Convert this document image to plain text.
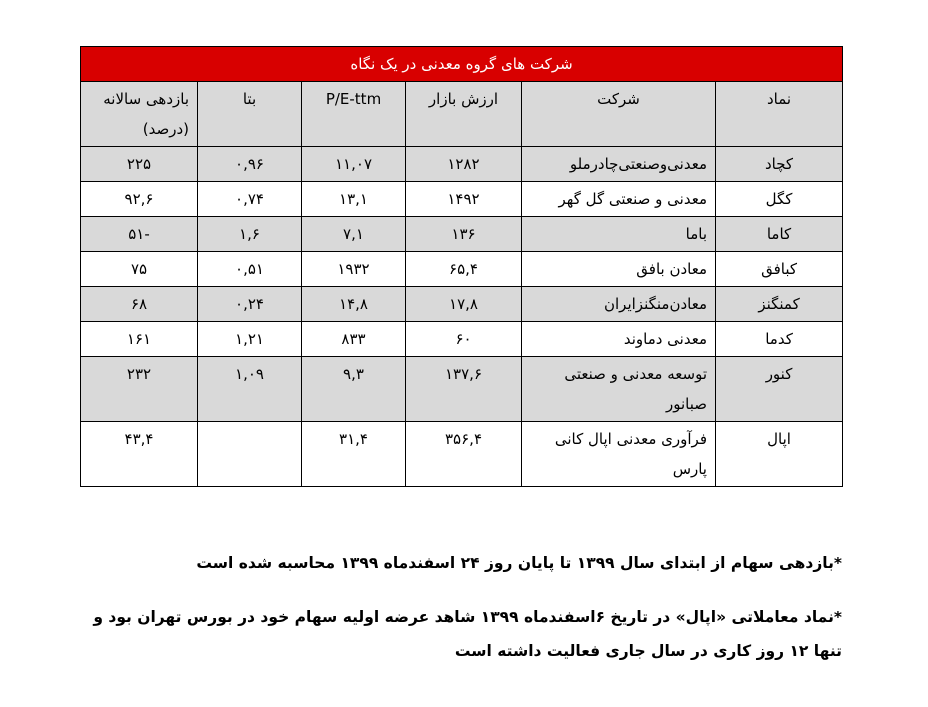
شرکت های گروه معدنی در یک نگاه					
بازدهی سالانه (درصد)	بتا	P/E-ttm	ارزش بازار	شرکت	نماد
۲۲۵	۰,۹۶	۱۱,۰۷	۱۲۸۲	معدنی‌وصنعتی‌چادرملو	کچاد
۹۲,۶	۰,۷۴	۱۳,۱	۱۴۹۲	معدنی و صنعتی گل گهر	کگل
-۵۱	۱,۶	۷,۱	۱۳۶	باما	کاما
۷۵	۰,۵۱	۱۹۳۲	۶۵,۴	معادن بافق	کبافق
۶۸	۰,۲۴	۱۴,۸	۱۷,۸	معادن‌منگنزایران	کمنگنز
۱۶۱	۱,۲۱	۸۳۳	۶۰	معدنی دماوند	کدما
۲۳۲	۱,۰۹	۹,۳	۱۳۷,۶	توسعه معدنی و صنعتی صبانور	کنور
۴۳,۴		۳۱,۴	۳۵۶,۴	فرآوری معدنی اپال کانی پارس	اپال
*بازدهی سهام از ابتدای سال ۱۳۹۹ تا پایان روز ۲۴ اسفندماه ۱۳۹۹ محاسبه شده است
*نماد معاملاتی «اپال» در تاریخ ۶اسفندماه ۱۳۹۹ شاهد عرضه اولیه سهام خود در بورس تهران بود و تنها ۱۲ روز کاری در سال جاری فعالیت داشته است
